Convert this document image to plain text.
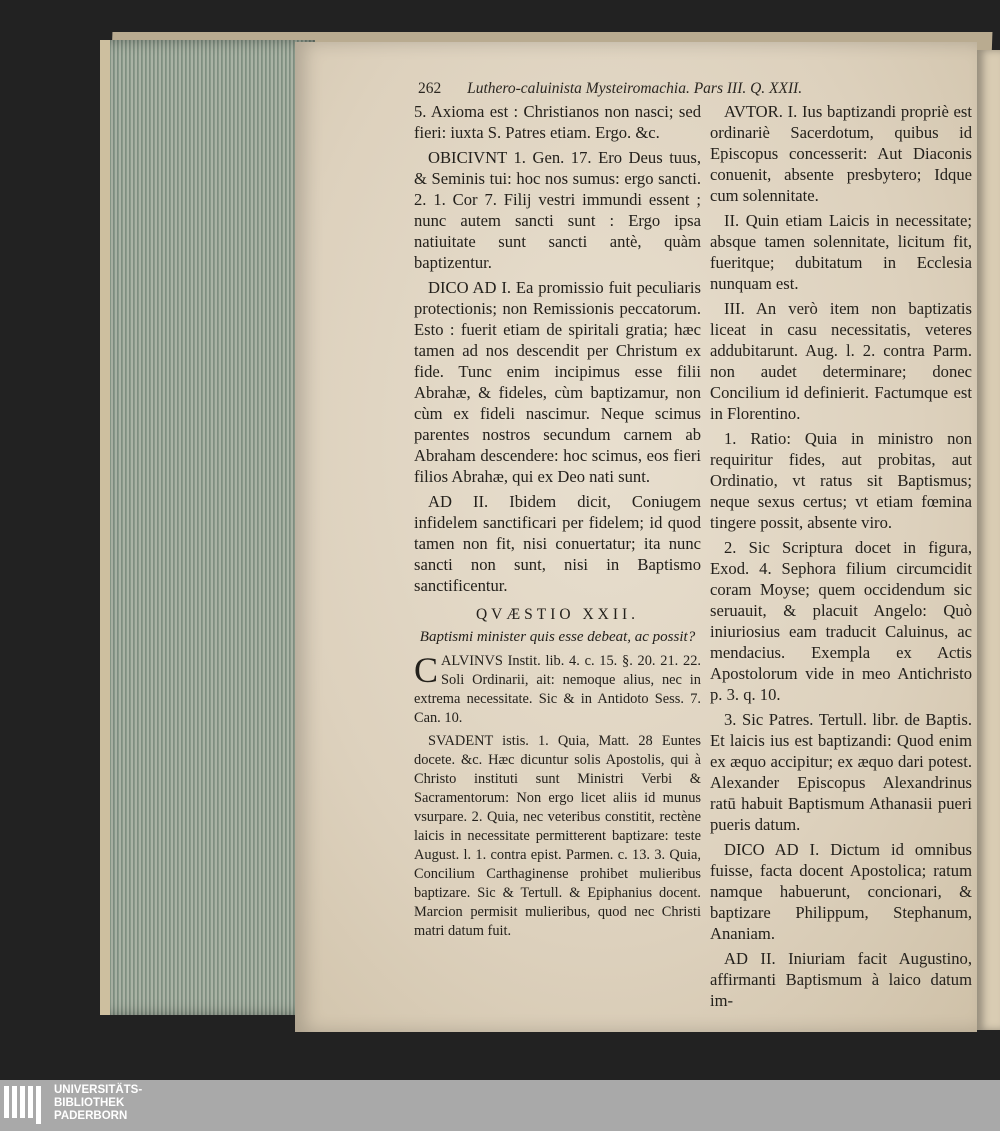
262 Luthero-caluinista Mysteiromachia. Pars III. Q. XXII.

5. Axioma est : Christianos non nasci; sed fieri: iuxta S. Patres etiam. Ergo. &c.

OBICIVNT 1. Gen. 17. Ero Deus tuus, & Seminis tui: hoc nos sumus: ergo sancti. 2. 1. Cor 7. Filij vestri immundi essent ; nunc autem sancti sunt : Ergo ipsa natiuitate sunt sancti antè, quàm baptizentur.

DICO AD I. Ea promissio fuit peculiaris protectionis; non Remissionis peccatorum. Esto : fuerit etiam de spiritali gratia; hæc tamen ad nos descendit per Christum ex fide. Tunc enim incipimus esse filii Abrahæ, & fideles, cùm baptizamur, non cùm ex fideli nascimur. Neque scimus parentes nostros secundum carnem ab Abraham descendere: hoc scimus, eos fieri filios Abrahæ, qui ex Deo nati sunt.

AD II. Ibidem dicit, Coniugem infidelem sanctificari per fidelem; id quod tamen non fit, nisi conuertatur; ita nunc sancti non sunt, nisi in Baptismo sanctificentur.

QVÆSTIO XXII.
Baptismi minister quis esse debeat, ac possit?

CALVINVS Instit. lib. 4. c. 15. §. 20. 21. 22. Soli Ordinarii, ait: nemoque alius, nec in extrema necessitate. Sic & in Antidoto Sess. 7. Can. 10.

SVADENT istis. 1. Quia, Matt. 28 Euntes docete. &c. Hæc dicuntur solis Apostolis, qui à Christo instituti sunt Ministri Verbi & Sacramentorum: Non ergo licet aliis id munus vsurpare. 2. Quia, nec veteribus constitit, rectène laicis in necessitate permitterent baptizare: teste August. l. 1. contra epist. Parmen. c. 13. 3. Quia, Concilium Carthaginense prohibet mulieribus baptizare. Sic & Tertull. & Epiphanius docent. Marcion permisit mulieribus, quod nec Christi matri datum fuit.

AVTOR. I. Ius baptizandi propriè est ordinariè Sacerdotum, quibus id Episcopus concesserit: Aut Diaconis conuenit, absente presbytero; Idque cum solennitate.

II. Quin etiam Laicis in necessitate; absque tamen solennitate, licitum fit, fueritque; dubitatum in Ecclesia nunquam est.

III. An verò item non baptizatis liceat in casu necessitatis, veteres addubitarunt. Aug. l. 2. contra Parm. non audet determinare; donec Concilium id definierit. Factumque est in Florentino.

1. Ratio: Quia in ministro non requiritur fides, aut probitas, aut Ordinatio, vt ratus sit Baptismus; neque sexus certus; vt etiam fœmina tingere possit, absente viro.

2. Sic Scriptura docet in figura, Exod. 4. Sephora filium circumcidit coram Moyse; quem occidendum sic seruauit, & placuit Angelo: Quò iniuriosius eam traducit Caluinus, ac mendacius. Exempla ex Actis Apostolorum vide in meo Antichristo p. 3. q. 10.

3. Sic Patres. Tertull. libr. de Baptis. Et laicis ius est baptizandi: Quod enim ex æquo accipitur; ex æquo dari potest. Alexander Episcopus Alexandrinus ratū habuit Baptismum Athanasii pueri pueris datum.

DICO AD I. Dictum id omnibus fuisse, facta docent Apostolica; ratum namque habuerunt, concionari, & baptizare Philippum, Stephanum, Ananiam.

AD II. Iniuriam facit Augustino, affirmanti Baptismum à laico datum im-

UNIVERSITÄTS-
BIBLIOTHEK
PADERBORN
